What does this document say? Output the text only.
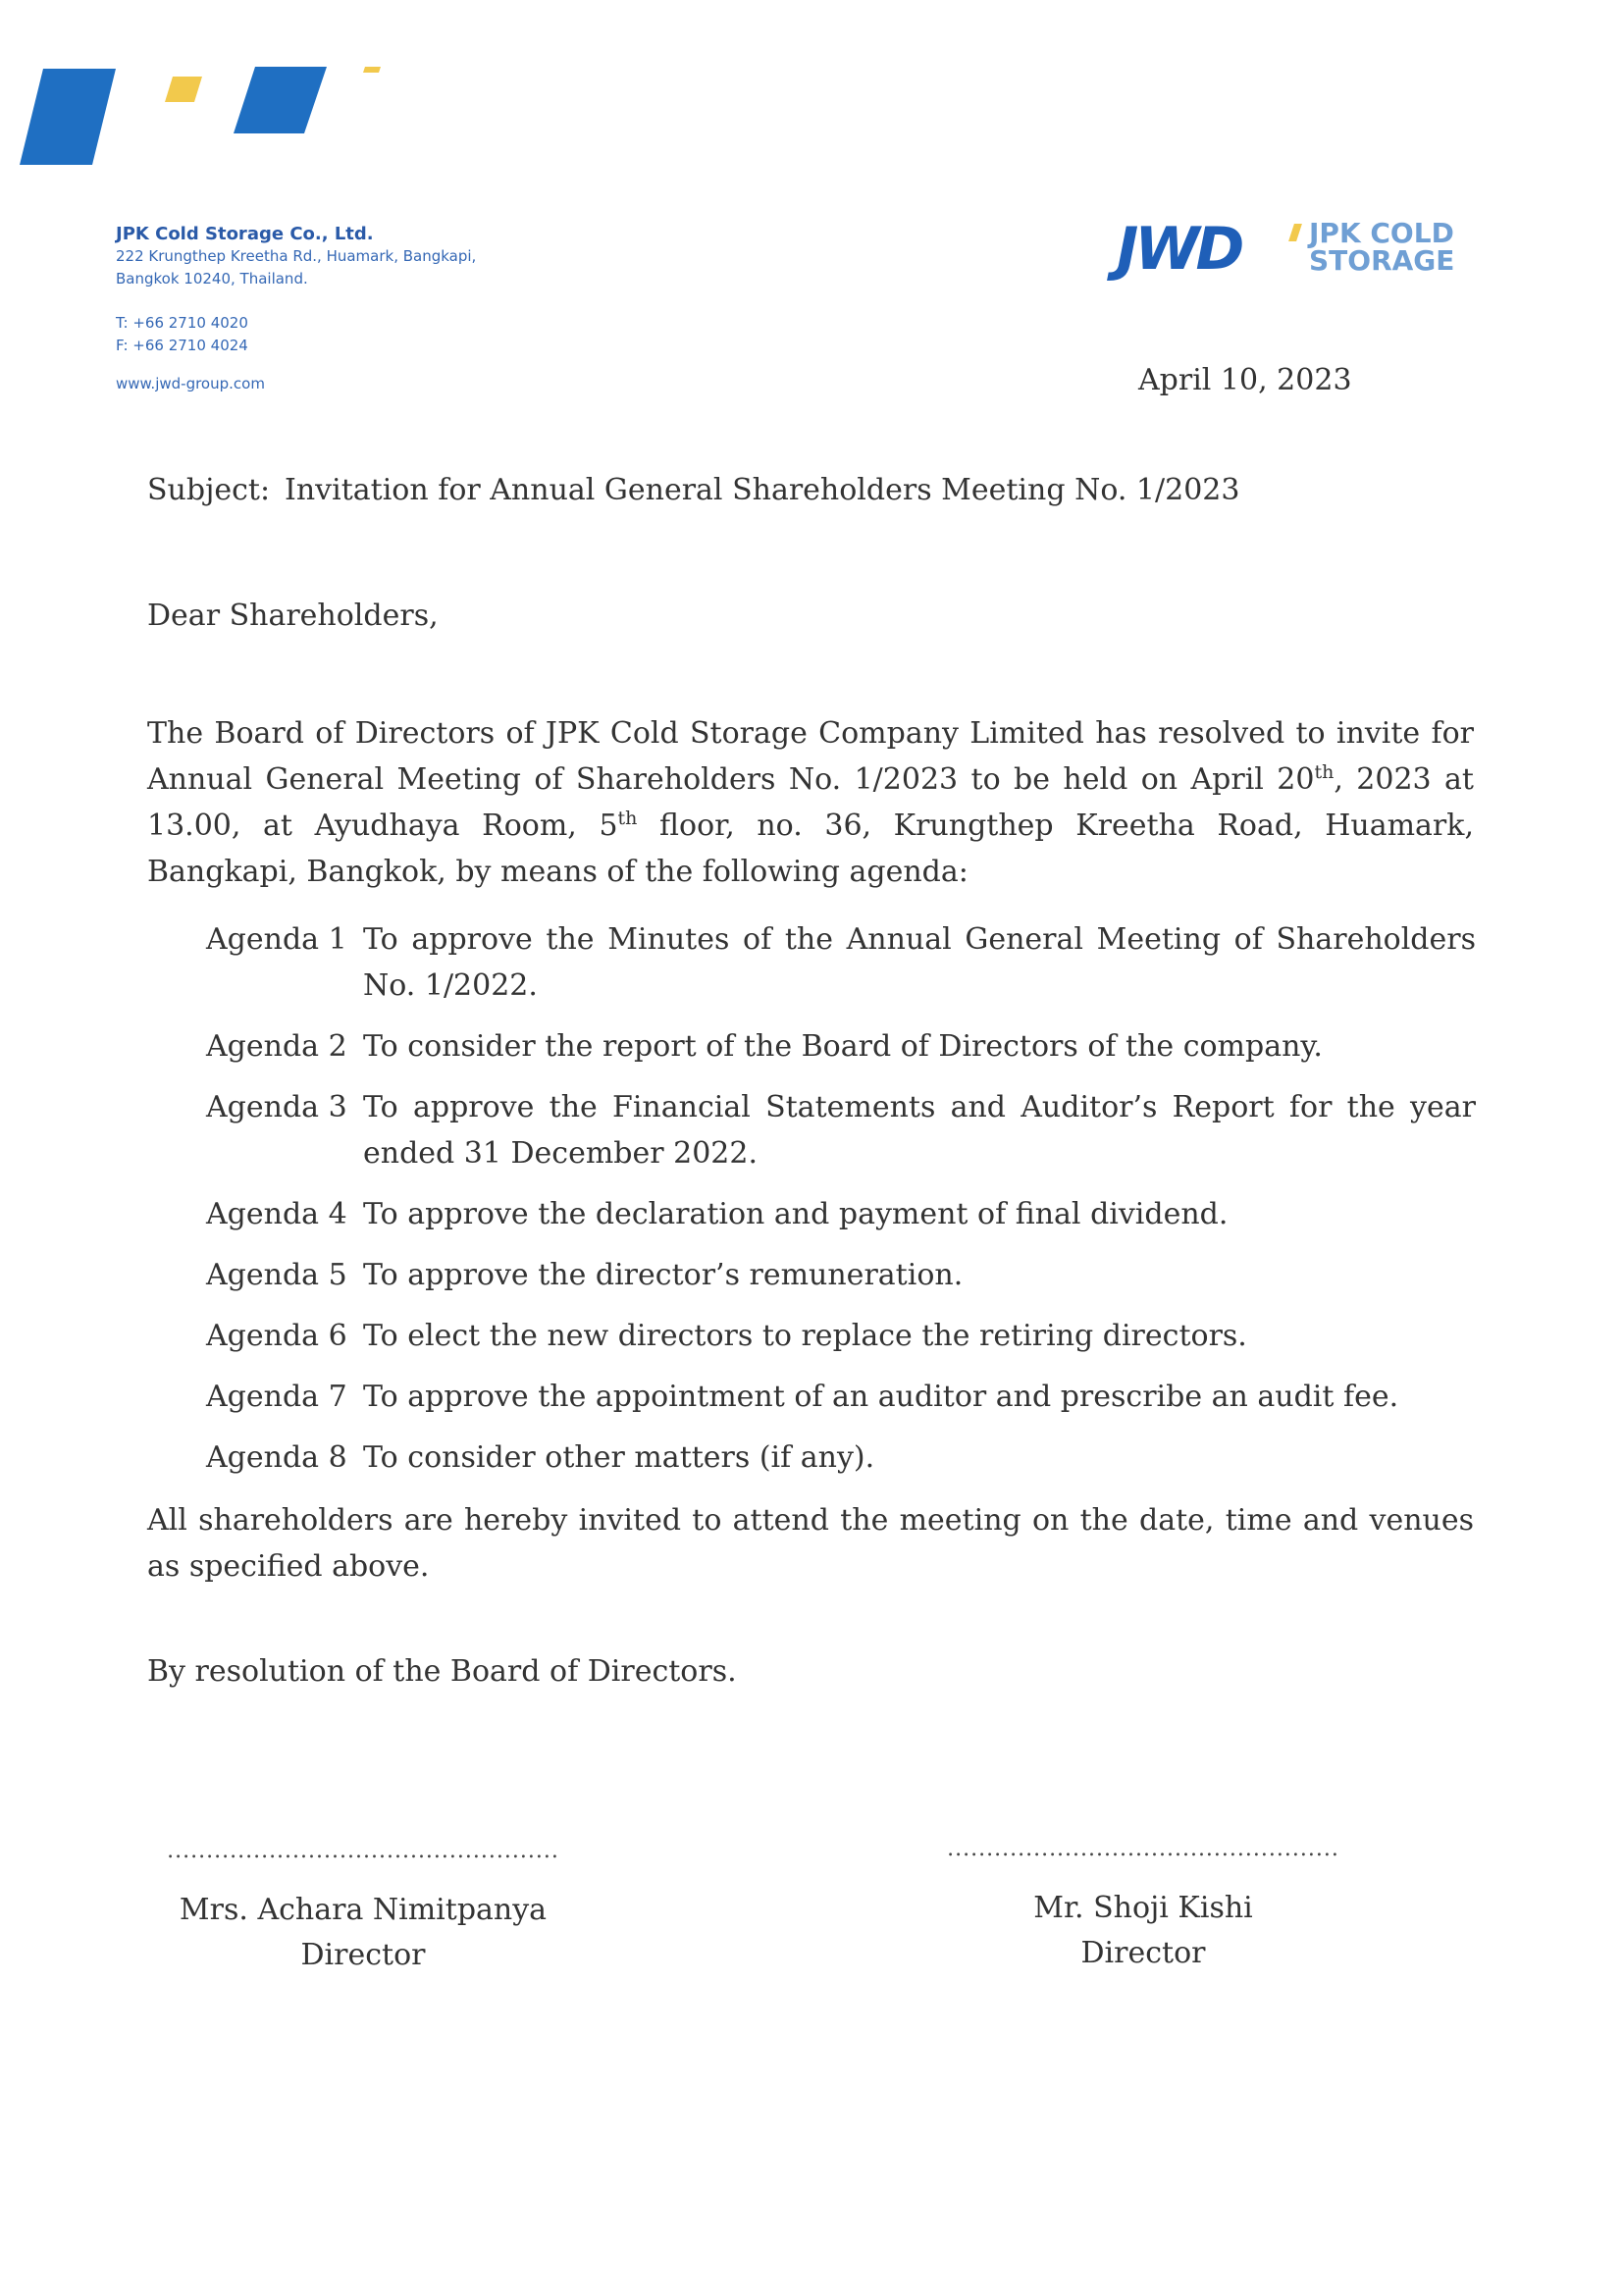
JPK Cold Storage Co., Ltd.
222 Krungthep Kreetha Rd., Huamark, Bangkapi,
Bangkok 10240, Thailand.
T: +66 2710 4020
F: +66 2710 4024
www.jwd-group.com
JWD JPK COLD
STORAGE
April 10, 2023
Subject: Invitation for Annual General Shareholders Meeting No. 1/2023
Dear Shareholders,
The Board of Directors of JPK Cold Storage Company Limited has resolved to invite for Annual General Meeting of Shareholders No. 1/2023 to be held on April 20th, 2023 at 13.00, at Ayudhaya Room, 5th floor, no. 36, Krungthep Kreetha Road, Huamark, Bangkapi, Bangkok, by means of the following agenda:
Agenda 1 To approve the Minutes of the Annual General Meeting of Shareholders No. 1/2022.
Agenda 2 To consider the report of the Board of Directors of the company.
Agenda 3 To approve the Financial Statements and Auditor’s Report for the year ended 31 December 2022.
Agenda 4 To approve the declaration and payment of final dividend.
Agenda 5 To approve the director’s remuneration.
Agenda 6 To elect the new directors to replace the retiring directors.
Agenda 7 To approve the appointment of an auditor and prescribe an audit fee.
Agenda 8 To consider other matters (if any).
All shareholders are hereby invited to attend the meeting on the date, time and venues as specified above.
By resolution of the Board of Directors.
..................................................
Mrs. Achara Nimitpanya
Director
..................................................
Mr. Shoji Kishi
Director
